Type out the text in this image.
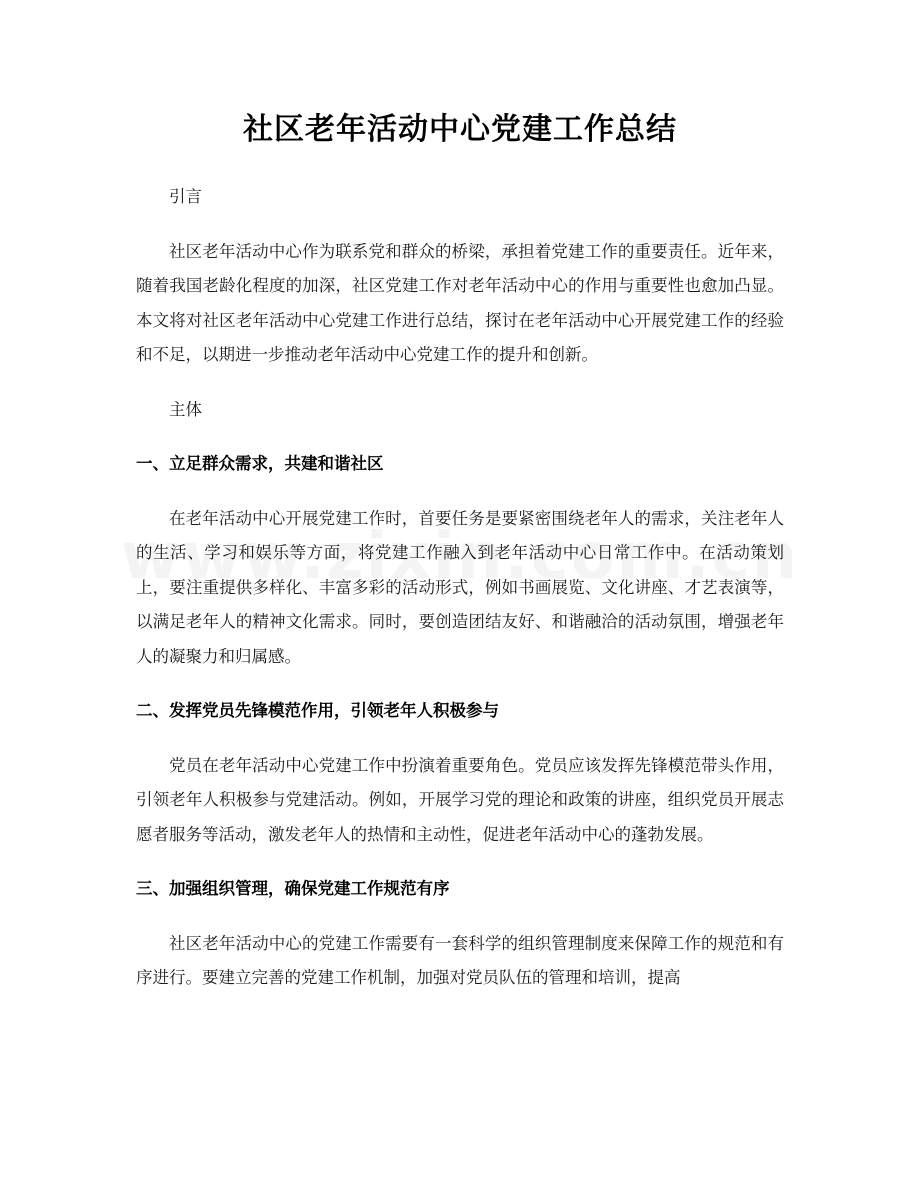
社区老年活动中心党建工作总结

引言

社区老年活动中心作为联系党和群众的桥梁，承担着党建工作的重要责任。近年来，随着我国老龄化程度的加深，社区党建工作对老年活动中心的作用与重要性也愈加凸显。本文将对社区老年活动中心党建工作进行总结，探讨在老年活动中心开展党建工作的经验和不足，以期进一步推动老年活动中心党建工作的提升和创新。

主体

一、立足群众需求，共建和谐社区

在老年活动中心开展党建工作时，首要任务是要紧密围绕老年人的需求，关注老年人的生活、学习和娱乐等方面，将党建工作融入到老年活动中心日常工作中。在活动策划上，要注重提供多样化、丰富多彩的活动形式，例如书画展览、文化讲座、才艺表演等，以满足老年人的精神文化需求。同时，要创造团结友好、和谐融洽的活动氛围，增强老年人的凝聚力和归属感。

二、发挥党员先锋模范作用，引领老年人积极参与

党员在老年活动中心党建工作中扮演着重要角色。党员应该发挥先锋模范带头作用，引领老年人积极参与党建活动。例如，开展学习党的理论和政策的讲座，组织党员开展志愿者服务等活动，激发老年人的热情和主动性，促进老年活动中心的蓬勃发展。

三、加强组织管理，确保党建工作规范有序

社区老年活动中心的党建工作需要有一套科学的组织管理制度来保障工作的规范和有序进行。要建立完善的党建工作机制，加强对党员队伍的管理和培训，提高
